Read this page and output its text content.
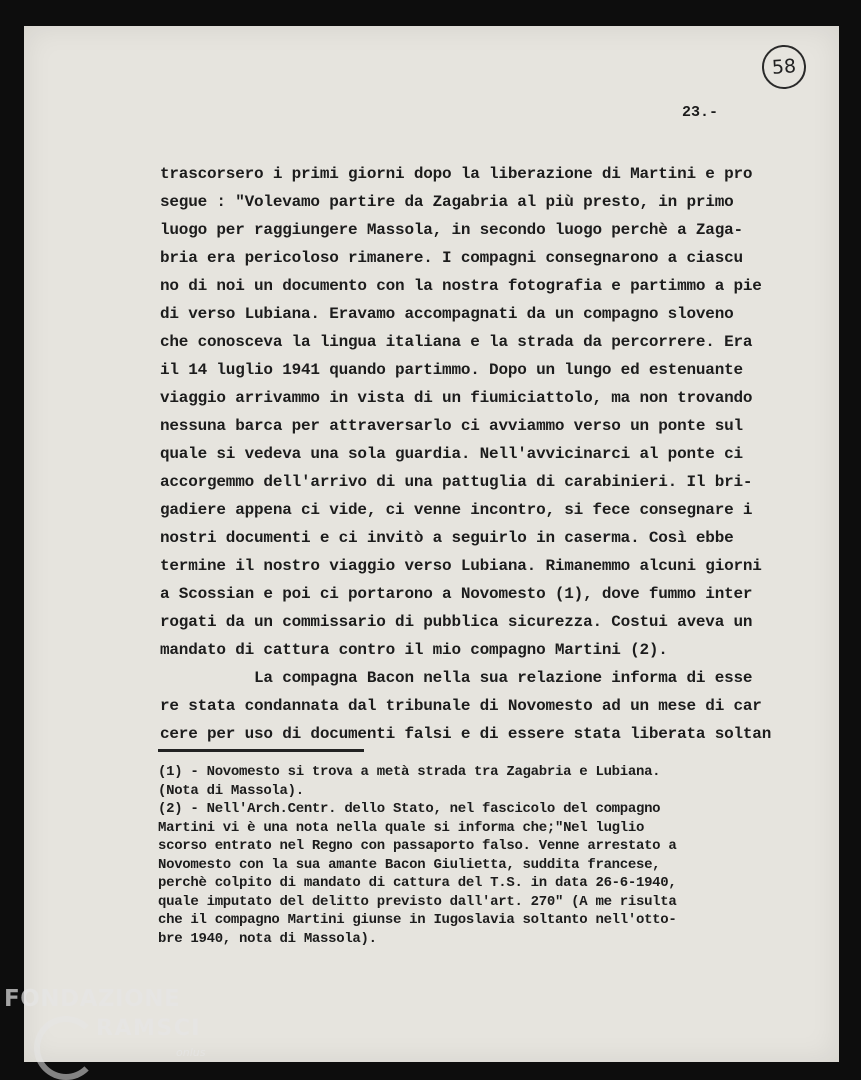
58
23.-
trascorsero i primi giorni dopo la liberazione di Martini e pro
segue : "Volevamo partire da Zagabria al più presto, in primo
luogo per raggiungere Massola, in secondo luogo perchè a Zaga-
bria era pericoloso rimanere. I compagni consegnarono a ciascu
no di noi un documento con la nostra fotografia e partimmo a pie
di verso Lubiana. Eravamo accompagnati da un compagno sloveno
che conosceva la lingua italiana e la strada da percorrere. Era
il 14 luglio 1941 quando partimmo. Dopo un lungo ed estenuante
viaggio arrivammo in vista di un fiumiciattolo, ma non trovando
nessuna barca per attraversarlo ci avviammo verso un ponte sul
quale si vedeva una sola guardia. Nell'avvicinarci al ponte ci
accorgemmo dell'arrivo di una pattuglia di carabinieri. Il bri-
gadiere appena ci vide, ci venne incontro, si fece consegnare i
nostri documenti e ci invitò a seguirlo in caserma. Così ebbe
termine il nostro viaggio verso Lubiana. Rimanemmo alcuni giorni
a Scossian e poi ci portarono a Novomesto (1), dove fummo inter
rogati da un commissario di pubblica sicurezza. Costui aveva un
mandato di cattura contro il mio compagno Martini (2).
La compagna Bacon nella sua relazione informa di esse
re stata condannata dal tribunale di Novomesto ad un mese di car
cere per uso di documenti falsi e di essere stata liberata soltan
(1) - Novomesto si trova a metà strada tra Zagabria e Lubiana.
(Nota di Massola).
(2) - Nell'Arch.Centr. dello Stato, nel fascicolo del compagno
Martini vi è una nota nella quale si informa che;"Nel luglio
scorso entrato nel Regno con passaporto falso. Venne arrestato a
Novomesto con la sua amante Bacon Giulietta, suddita francese,
perchè colpito di mandato di cattura del T.S. in data 26-6-1940,
quale imputato del delitto previsto dall'art. 270" (A me risulta
che il compagno Martini giunse in Iugoslavia soltanto nell'otto-
bre 1940, nota di Massola).
FONDAZIONE
RAMSCI
onlus
